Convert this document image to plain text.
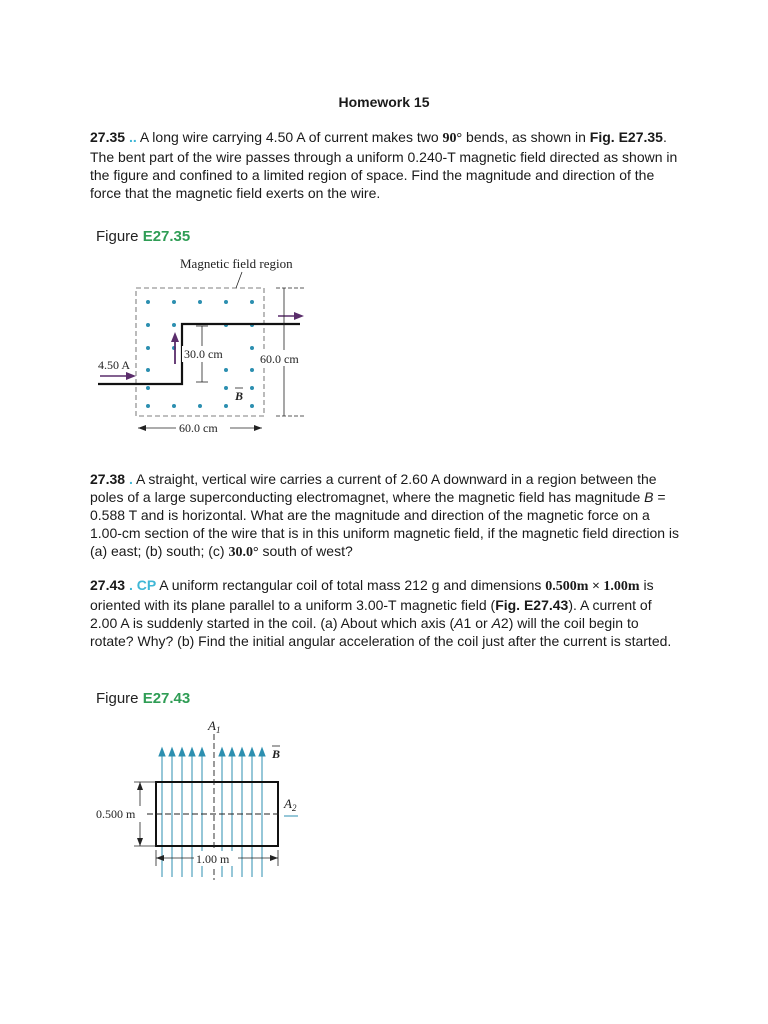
Homework 15
27.35 .. A long wire carrying 4.50 A of current makes two 90° bends, as shown in Fig. E27.35. The bent part of the wire passes through a uniform 0.240-T magnetic field directed as shown in the figure and confined to a limited region of space. Find the magnitude and direction of the force that the magnetic field exerts on the wire.
Figure E27.35
Magnetic field region
4.50 A
30.0 cm	60.0 cm
B
60.0 cm
27.38 . A straight, vertical wire carries a current of 2.60 A downward in a region between the poles of a large superconducting electromagnet, where the magnetic field has magnitude B = 0.588 T and is horizontal. What are the magnitude and direction of the magnetic force on a 1.00-cm section of the wire that is in this uniform magnetic field, if the magnetic field direction is (a) east; (b) south; (c) 30.0° south of west?
27.43 . CP A uniform rectangular coil of total mass 212 g and dimensions 0.500m × 1.00m is oriented with its plane parallel to a uniform 3.00-T magnetic field (Fig. E27.43). A current of 2.00 A is suddenly started in the coil. (a) About which axis (A1 or A2) will the coil begin to rotate? Why? (b) Find the initial angular acceleration of the coil just after the current is started.
Figure E27.43
$A_1$
$A_2$
B
0.500 m
1.00 m
